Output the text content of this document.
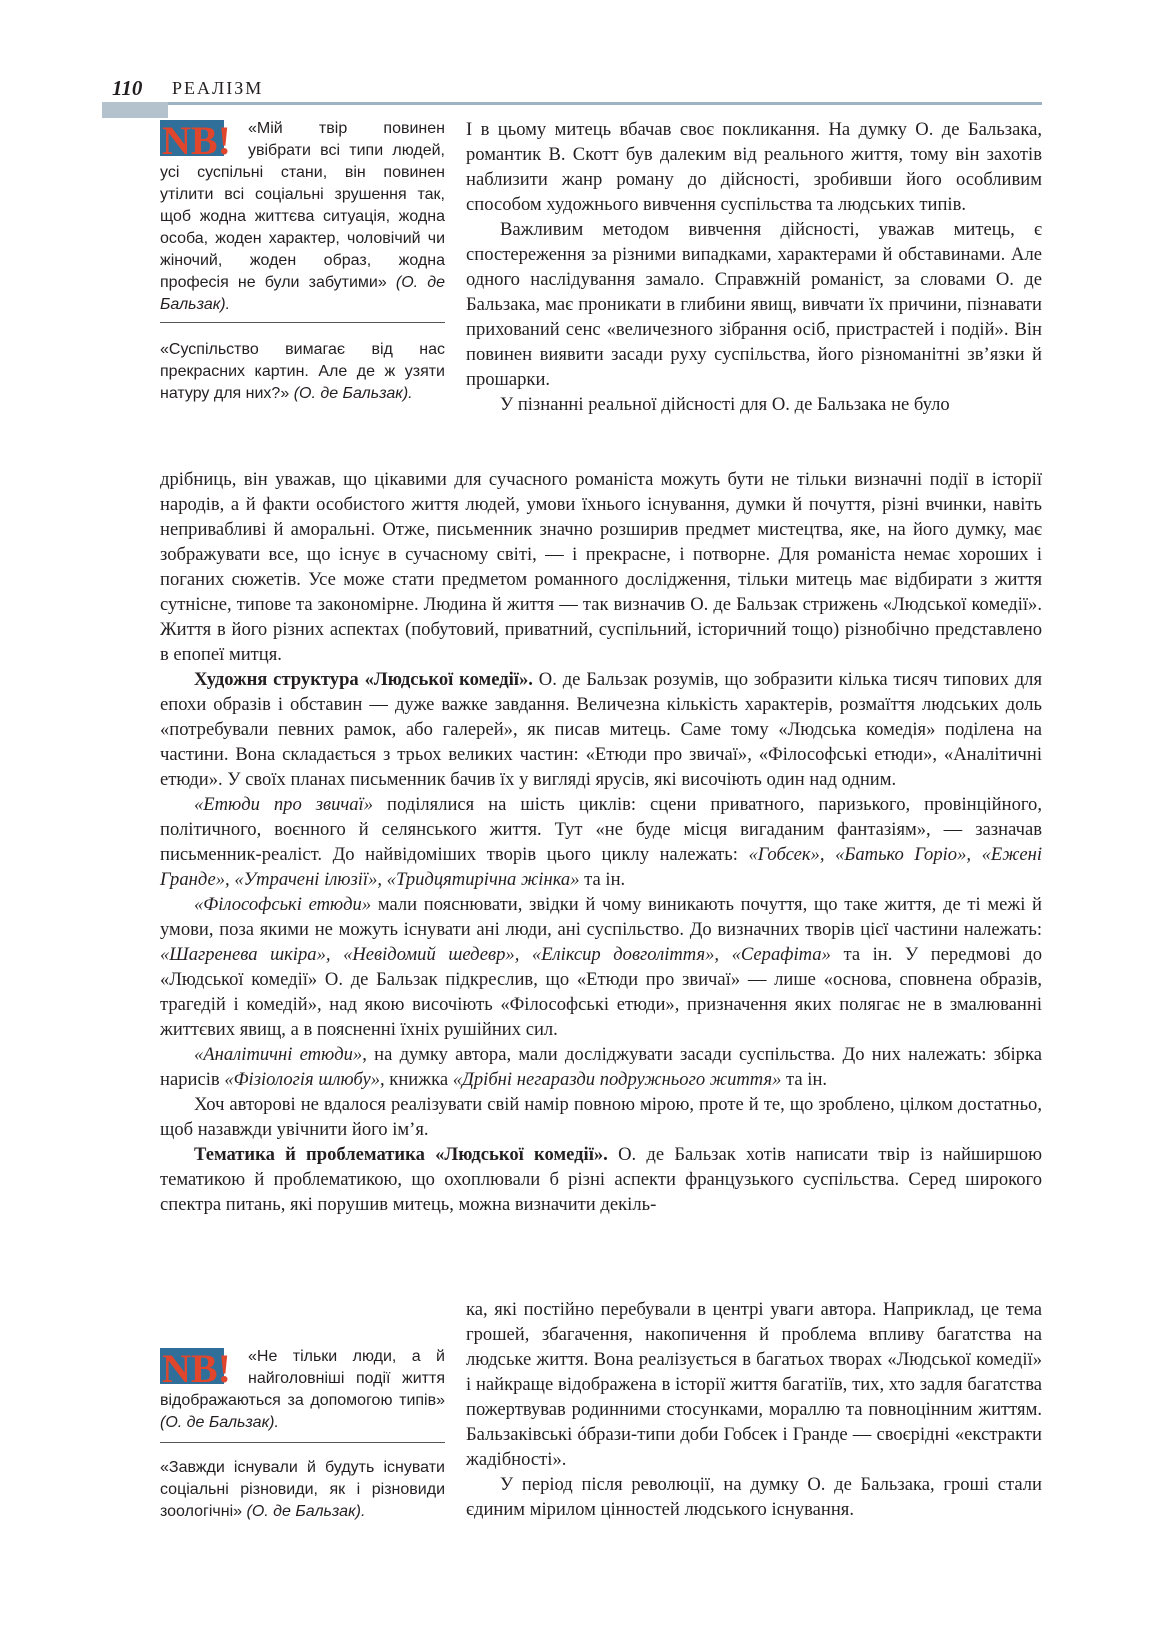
110 РЕАЛІЗМ
NB! «Мій твір повинен увібрати всі типи людей, усі суспільні стани, він повинен утілити всі соціальні зрушення так, щоб жодна життєва ситуація, жодна особа, жоден характер, чоловічий чи жіночий, жоден образ, жодна професія не були забутими» (О. де Бальзак).
«Суспільство вимагає від нас прекрасних картин. Але де ж узяти натуру для них?» (О. де Бальзак).

І в цьому митець вбачав своє покликання. На думку О. де Бальзака, романтик В. Скотт був далеким від реального життя, тому він захотів наблизити жанр роману до дійсності, зробивши його особливим способом художнього вивчення суспільства та людських типів.

Важливим методом вивчення дійсності, уважав митець, є спостереження за різними випадками, характерами й обставинами. Але одного наслідування замало. Справжній романіст, за словами О. де Бальзака, має проникати в глибини явищ, вивчати їх причини, пізнавати прихований сенс «величезного зібрання осіб, пристрастей і подій». Він повинен виявити засади руху суспільства, його різноманітні зв’язки й прошарки.

У пізнанні реальної дійсності для О. де Бальзака не було

дрібниць, він уважав, що цікавими для сучасного романіста можуть бути не тільки визначні події в історії народів, а й факти особистого життя людей, умови їхнього існування, думки й почуття, різні вчинки, навіть непривабливі й аморальні. Отже, письменник значно розширив предмет мистецтва, яке, на його думку, має зображувати все, що існує в сучасному світі, — і прекрасне, і потворне. Для романіста немає хороших і поганих сюжетів. Усе може стати предметом романного дослідження, тільки митець має відбирати з життя сутнісне, типове та закономірне. Людина й життя — так визначив О. де Бальзак стрижень «Людської комедії». Життя в його різних аспектах (побутовий, приватний, суспільний, історичний тощо) різнобічно представлено в епопеї митця.

Художня структура «Людської комедії». О. де Бальзак розумів, що зобразити кілька тисяч типових для епохи образів і обставин — дуже важке завдання. Величезна кількість характерів, розмаїття людських доль «потребували певних рамок, або галерей», як писав митець. Саме тому «Людська комедія» поділена на частини. Вона складається з трьох великих частин: «Етюди про звичаї», «Філософські етюди», «Аналітичні етюди». У своїх планах письменник бачив їх у вигляді ярусів, які височіють один над одним.

«Етюди про звичаї» поділялися на шість циклів: сцени приватного, паризького, провінційного, політичного, воєнного й селянського життя. Тут «не буде місця вигаданим фантазіям», — зазначав письменник-реаліст. До найвідоміших творів цього циклу належать: «Гобсек», «Батько Горіо», «Ежені Гранде», «Утрачені ілюзії», «Тридцятирічна жінка» та ін.

«Філософські етюди» мали пояснювати, звідки й чому виникають почуття, що таке життя, де ті межі й умови, поза якими не можуть існувати ані люди, ані суспільство. До визначних творів цієї частини належать: «Шагренева шкіра», «Невідомий шедевр», «Еліксир довголіття», «Серафіта» та ін. У передмові до «Людської комедії» О. де Бальзак підкреслив, що «Етюди про звичаї» — лише «основа, сповнена образів, трагедій і комедій», над якою височіють «Філософські етюди», призначення яких полягає не в змалюванні життєвих явищ, а в поясненні їхніх рушійних сил.

«Аналітичні етюди», на думку автора, мали досліджувати засади суспільства. До них належать: збірка нарисів «Фізіологія шлюбу», книжка «Дрібні негаразди подружнього життя» та ін.

Хоч авторові не вдалося реалізувати свій намір повною мірою, проте й те, що зроблено, цілком достатньо, щоб назавжди увічнити його ім’я.

Тематика й проблематика «Людської комедії». О. де Бальзак хотів написати твір із найширшою тематикою й проблематикою, що охоплювали б різні аспекти французького суспільства. Серед широкого спектра питань, які порушив митець, можна визначити декіль-

NB! «Не тільки люди, а й найголовніші події життя відображаються за допомогою типів» (О. де Бальзак).
«Завжди існували й будуть існувати соціальні різновиди, як і різновиди зоологічні» (О. де Бальзак).

ка, які постійно перебували в центрі уваги автора. Наприклад, це тема грошей, збагачення, накопичення й проблема впливу багатства на людське життя. Вона реалізується в багатьох творах «Людської комедії» і найкраще відображена в історії життя багатіїв, тих, хто задля багатства пожертвував родинними стосунками, мораллю та повноцінним життям. Бальзаківські óбрази-типи доби Гобсек і Гранде — своєрідні «екстракти жадібності».

У період після революції, на думку О. де Бальзака, гроші стали єдиним мірилом цінностей людського існування.
